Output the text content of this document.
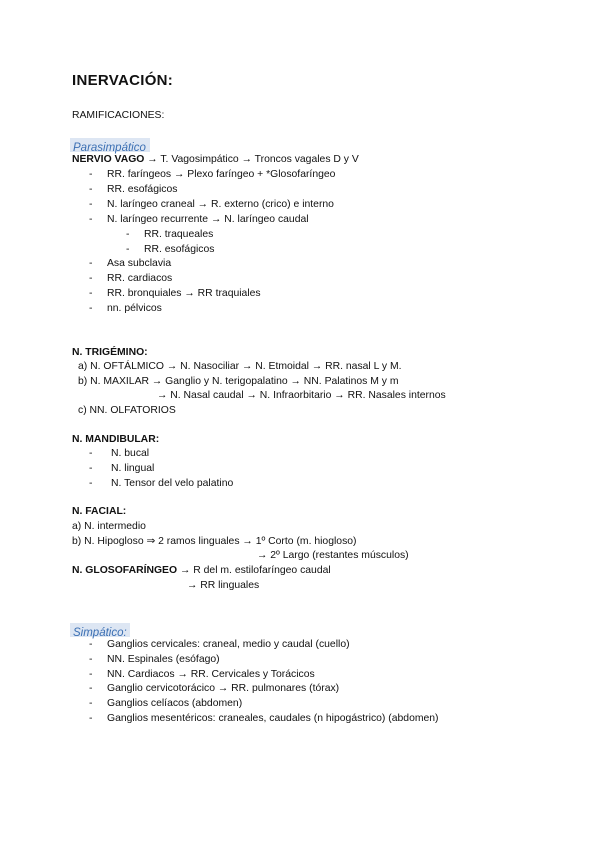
INERVACIÓN:
RAMIFICACIONES:
Parasimpático
NERVIO VAGO → T. Vagosimpático → Troncos vagales D y V
- RR. faríngeos → Plexo faríngeo + *Glosofaríngeo
- RR. esofágicos
- N. laríngeo craneal → R. externo (crico) e interno
- N. laríngeo recurrente → N. laríngeo caudal
- RR. traqueales
- RR. esofágicos
- Asa subclavia
- RR. cardiacos
- RR. bronquiales → RR traquiales
- nn. pélvicos
N. TRIGÉMINO:
a) N. OFTÁLMICO → N. Nasociliar → N. Etmoidal → RR. nasal L y M.
b) N. MAXILAR → Ganglio y N. terigopalatino → NN. Palatinos M y m
→ N. Nasal caudal → N. Infraorbitario → RR. Nasales internos
c) NN. OLFATORIOS
N. MANDIBULAR:
- N. bucal
- N. lingual
- N. Tensor del velo palatino
N. FACIAL:
a) N. intermedio
b) N. Hipogloso ⇒ 2 ramos linguales → 1º Corto (m. hiogloso)
→ 2º Largo (restantes músculos)
N. GLOSOFARÍNGEO → R del m. estilofaríngeo caudal
→ RR linguales
Simpático:
- Ganglios cervicales: craneal, medio y caudal (cuello)
- NN. Espinales (esófago)
- NN. Cardiacos → RR. Cervicales y Torácicos
- Ganglio cervicotorácico → RR. pulmonares (tórax)
- Ganglios celíacos (abdomen)
- Ganglios mesentéricos: craneales, caudales (n hipogástrico) (abdomen)
